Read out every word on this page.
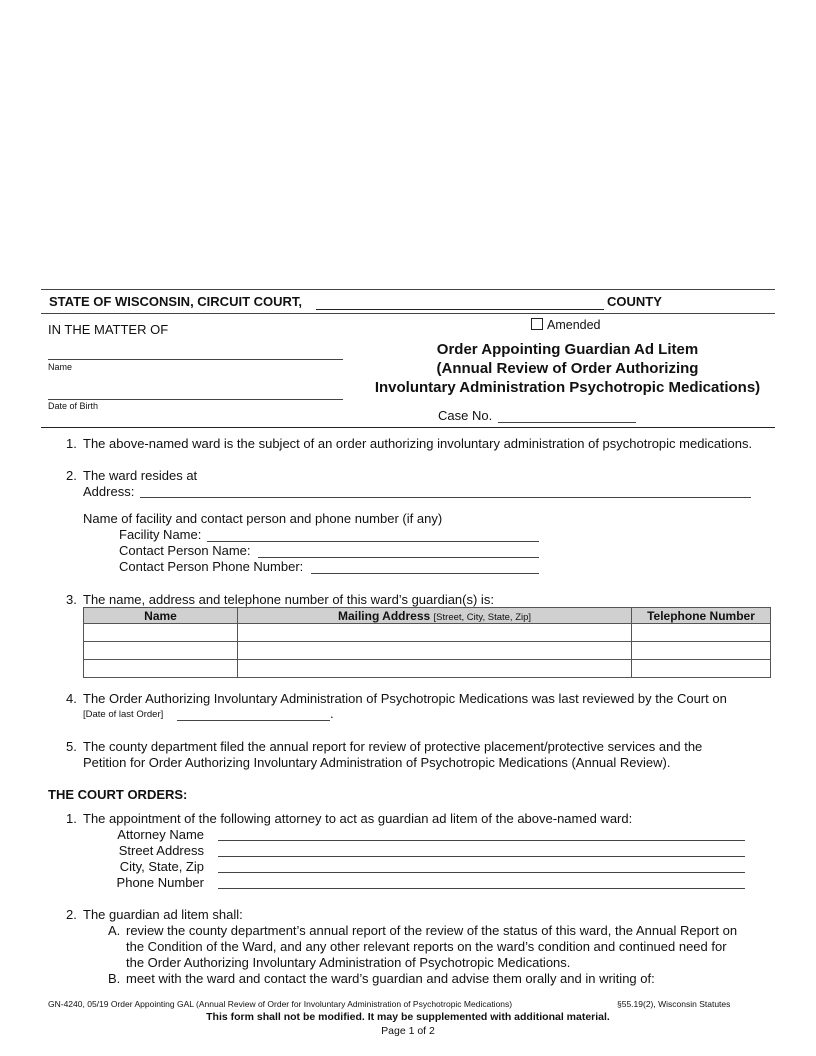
STATE OF WISCONSIN, CIRCUIT COURT,	COUNTY
IN THE MATTER OF	Amended
Name
Date of Birth
Order Appointing Guardian Ad Litem
(Annual Review of Order Authorizing
Involuntary Administration Psychotropic Medications)
Case No.
1. The above-named ward is the subject of an order authorizing involuntary administration of psychotropic medications.
2. The ward resides at
Address:
Name of facility and contact person and phone number (if any)
Facility Name:
Contact Person Name:
Contact Person Phone Number:
3. The name, address and telephone number of this ward’s guardian(s) is:
Name	Mailing Address [Street, City, State, Zip]	Telephone Number

4. The Order Authorizing Involuntary Administration of Psychotropic Medications was last reviewed by the Court on
[Date of last Order]	.
5. The county department filed the annual report for review of protective placement/protective services and the
Petition for Order Authorizing Involuntary Administration of Psychotropic Medications (Annual Review).
THE COURT ORDERS:
1. The appointment of the following attorney to act as guardian ad litem of the above-named ward:
Attorney Name
Street Address
City, State, Zip
Phone Number
2. The guardian ad litem shall:
A. review the county department’s annual report of the review of the status of this ward, the Annual Report on
the Condition of the Ward, and any other relevant reports on the ward’s condition and continued need for
the Order Authorizing Involuntary Administration of Psychotropic Medications.
B. meet with the ward and contact the ward’s guardian and advise them orally and in writing of:
GN-4240, 05/19 Order Appointing GAL (Annual Review of Order for Involuntary Administration of Psychotropic Medications)	§55.19(2), Wisconsin Statutes
This form shall not be modified. It may be supplemented with additional material.
Page 1 of 2
